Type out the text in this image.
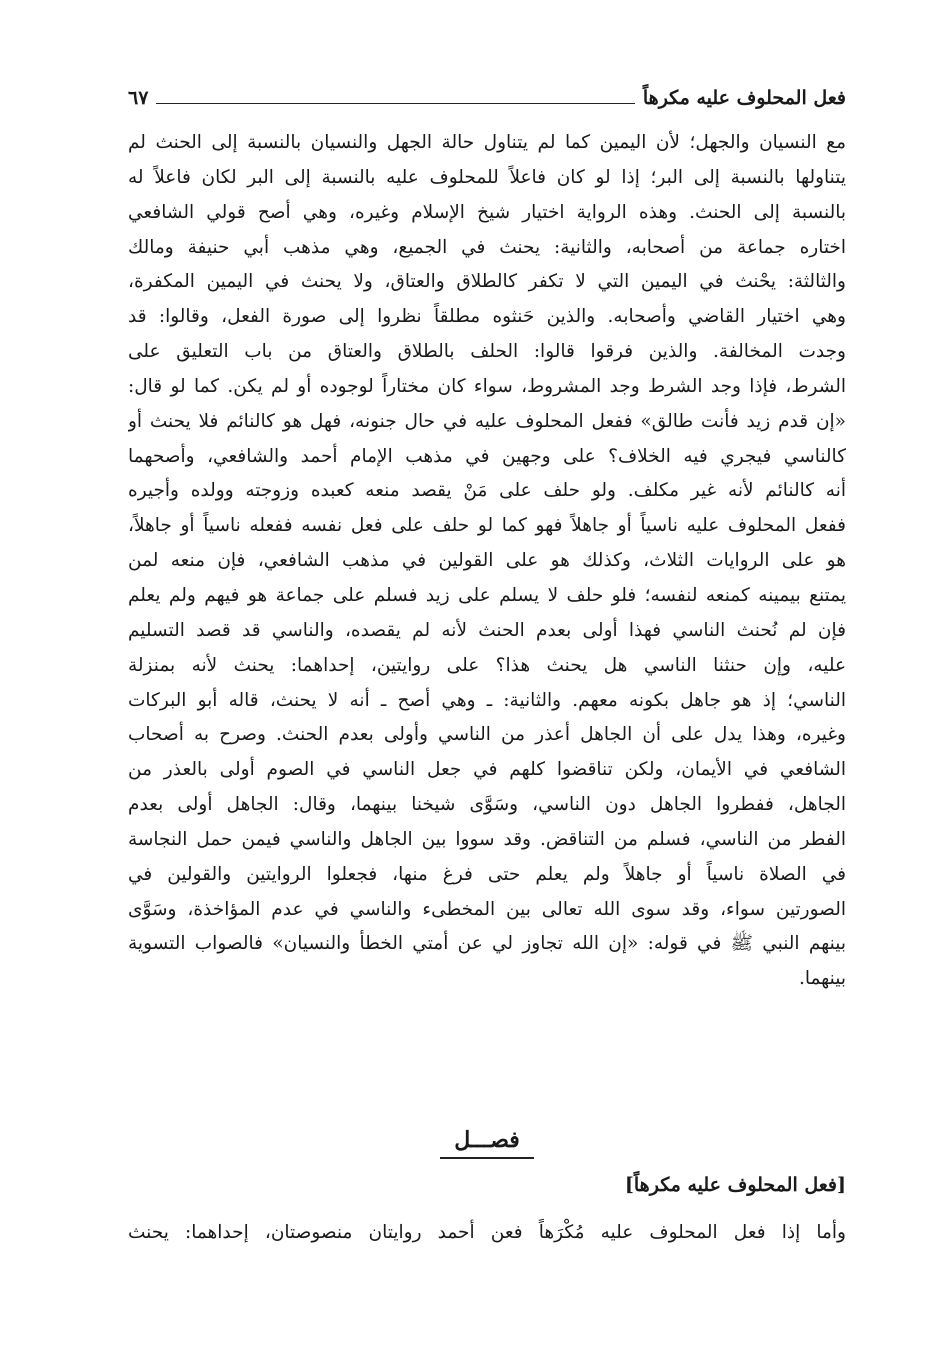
فعل المحلوف عليه مكرهاً
٦٧
مع النسيان والجهل؛ لأن اليمين كما لم يتناول حالة الجهل والنسيان بالنسبة إلى الحنث لم
يتناولها بالنسبة إلى البر؛ إذا لو كان فاعلاً للمحلوف عليه بالنسبة إلى البر لكان فاعلاً له
بالنسبة إلى الحنث. وهذه الرواية اختيار شيخ الإسلام وغيره، وهي أصح قولي الشافعي
اختاره جماعة من أصحابه، والثانية: يحنث في الجميع، وهي مذهب أبي حنيفة ومالك
والثالثة: يحْنث في اليمين التي لا تكفر كالطلاق والعتاق، ولا يحنث في اليمين المكفرة،
وهي اختيار القاضي وأصحابه. والذين حَنثوه مطلقاً نظروا إلى صورة الفعل، وقالوا: قد
وجدت المخالفة. والذين فرقوا قالوا: الحلف بالطلاق والعتاق من باب التعليق على
الشرط، فإذا وجد الشرط وجد المشروط، سواء كان مختاراً لوجوده أو لم يكن. كما لو قال:
«إن قدم زيد فأنت طالق» ففعل المحلوف عليه في حال جنونه، فهل هو كالنائم فلا يحنث أو
كالناسي فيجري فيه الخلاف؟ على وجهين في مذهب الإمام أحمد والشافعي، وأصحهما
أنه كالنائم لأنه غير مكلف. ولو حلف على مَنْ يقصد منعه كعبده وزوجته وولده وأجيره
ففعل المحلوف عليه ناسياً أو جاهلاً فهو كما لو حلف على فعل نفسه ففعله ناسياً أو جاهلاً،
هو على الروايات الثلاث، وكذلك هو على القولين في مذهب الشافعي، فإن منعه لمن
يمتنع بيمينه كمنعه لنفسه؛ فلو حلف لا يسلم على زيد فسلم على جماعة هو فيهم ولم يعلم
فإن لم نُحنث الناسي فهذا أولى بعدم الحنث لأنه لم يقصده، والناسي قد قصد التسليم
عليه، وإن حنثنا الناسي هل يحنث هذا؟ على روايتين، إحداهما: يحنث لأنه بمنزلة
الناسي؛ إذ هو جاهل بكونه معهم. والثانية: ـ وهي أصح ـ أنه لا يحنث، قاله أبو البركات
وغيره، وهذا يدل على أن الجاهل أعذر من الناسي وأولى بعدم الحنث. وصرح به أصحاب
الشافعي في الأيمان، ولكن تناقضوا كلهم في جعل الناسي في الصوم أولى بالعذر من
الجاهل، ففطروا الجاهل دون الناسي، وسَوَّى شيخنا بينهما، وقال: الجاهل أولى بعدم
الفطر من الناسي، فسلم من التناقض. وقد سووا بين الجاهل والناسي فيمن حمل النجاسة
في الصلاة ناسياً أو جاهلاً ولم يعلم حتى فرغ منها، فجعلوا الروايتين والقولين في
الصورتين سواء، وقد سوى الله تعالى بين المخطىء والناسي في عدم المؤاخذة، وسَوَّى
بينهم النبي ﷺ في قوله: «إن الله تجاوز لي عن أمتي الخطأ والنسيان» فالصواب التسوية
بينهما.
فصـــل
[فعل المحلوف عليه مكرهاً]
وأما إذا فعل المحلوف عليه مُكْرَهاً فعن أحمد روايتان منصوصتان، إحداهما: يحنث
